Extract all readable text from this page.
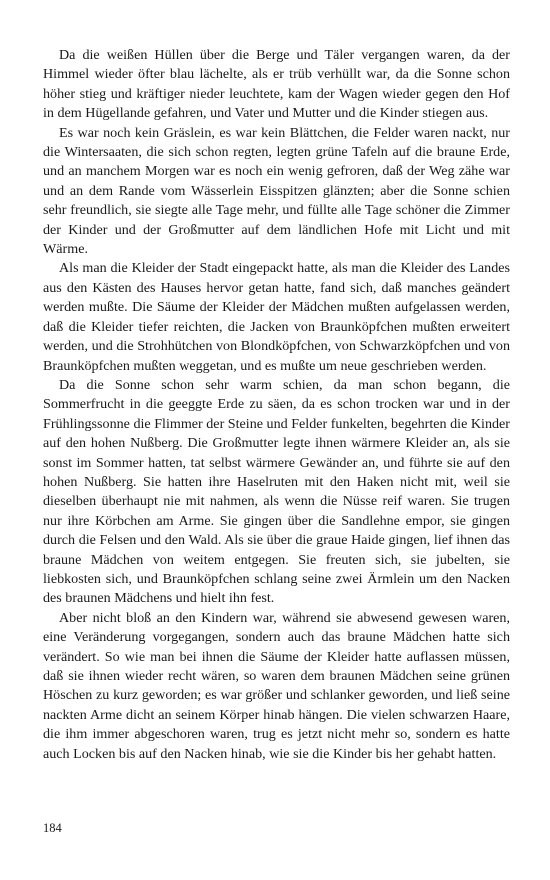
Da die weißen Hüllen über die Berge und Täler vergangen waren, da der Himmel wieder öfter blau lächelte, als er trüb verhüllt war, da die Sonne schon höher stieg und kräftiger nieder leuchtete, kam der Wagen wieder gegen den Hof in dem Hügellande gefahren, und Vater und Mutter und die Kinder stiegen aus.

Es war noch kein Gräslein, es war kein Blättchen, die Felder waren nackt, nur die Wintersaaten, die sich schon regten, legten grüne Tafeln auf die braune Erde, und an manchem Morgen war es noch ein wenig gefroren, daß der Weg zähe war und an dem Rande vom Wässerlein Eisspitzen glänzten; aber die Sonne schien sehr freundlich, sie siegte alle Tage mehr, und füllte alle Tage schöner die Zimmer der Kinder und der Großmutter auf dem ländlichen Hofe mit Licht und mit Wärme.

Als man die Kleider der Stadt eingepackt hatte, als man die Kleider des Landes aus den Kästen des Hauses hervor getan hatte, fand sich, daß manches geändert werden mußte. Die Säume der Kleider der Mädchen mußten aufgelassen werden, daß die Kleider tiefer reichten, die Jacken von Braunköpfchen mußten erweitert werden, und die Strohhütchen von Blondköpfchen, von Schwarzköpfchen und von Braunköpfchen mußten weggetan, und es mußte um neue geschrieben werden.

Da die Sonne schon sehr warm schien, da man schon begann, die Sommerfrucht in die geeggte Erde zu säen, da es schon trocken war und in der Frühlingssonne die Flimmer der Steine und Felder funkelten, begehrten die Kinder auf den hohen Nußberg. Die Großmutter legte ihnen wärmere Kleider an, als sie sonst im Sommer hatten, tat selbst wärmere Gewänder an, und führte sie auf den hohen Nußberg. Sie hatten ihre Haselruten mit den Haken nicht mit, weil sie dieselben überhaupt nie mit nahmen, als wenn die Nüsse reif waren. Sie trugen nur ihre Körbchen am Arme. Sie gingen über die Sandlehne empor, sie gingen durch die Felsen und den Wald. Als sie über die graue Haide gingen, lief ihnen das braune Mädchen von weitem entgegen. Sie freuten sich, sie jubelten, sie liebkosten sich, und Braunköpfchen schlang seine zwei Ärmlein um den Nacken des braunen Mädchens und hielt ihn fest.

Aber nicht bloß an den Kindern war, während sie abwesend gewesen waren, eine Veränderung vorgegangen, sondern auch das braune Mädchen hatte sich verändert. So wie man bei ihnen die Säume der Kleider hatte auflassen müssen, daß sie ihnen wieder recht wären, so waren dem braunen Mädchen seine grünen Höschen zu kurz geworden; es war größer und schlanker geworden, und ließ seine nackten Arme dicht an seinem Körper hinab hängen. Die vielen schwarzen Haare, die ihm immer abgeschoren waren, trug es jetzt nicht mehr so, sondern es hatte auch Locken bis auf den Nacken hinab, wie sie die Kinder bis her gehabt hatten.

184
